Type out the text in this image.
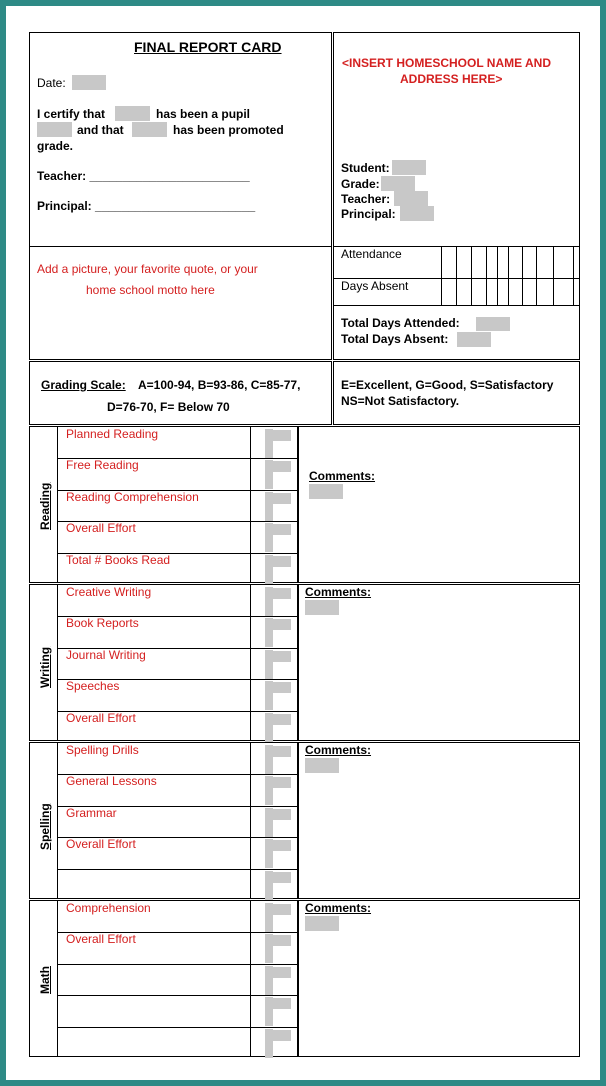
FINAL REPORT CARD
Date:
I certify that	has been a pupil
and that	has been promoted
grade.
Teacher: ________________________
Principal: ________________________
<INSERT HOMESCHOOL NAME AND
ADDRESS HERE>
Student:
Grade:
Teacher:
Principal:
Add a picture, your favorite quote, or your
home school motto here
Attendance
Days Absent
Total Days Attended:
Total Days Absent:
Grading Scale: A=100-94, B=93-86, C=85-77,
D=76-70, F= Below 70
E=Excellent, G=Good, S=Satisfactory
NS=Not Satisfactory.
Reading
Planned Reading
Free Reading
Reading Comprehension
Overall Effort
Total # Books Read
Comments:
Writing
Creative Writing
Book Reports
Journal Writing
Speeches
Overall Effort
Comments:
Spelling
Spelling Drills
General Lessons
Grammar
Overall Effort
Comments:
Math
Comprehension
Overall Effort
Comments:
